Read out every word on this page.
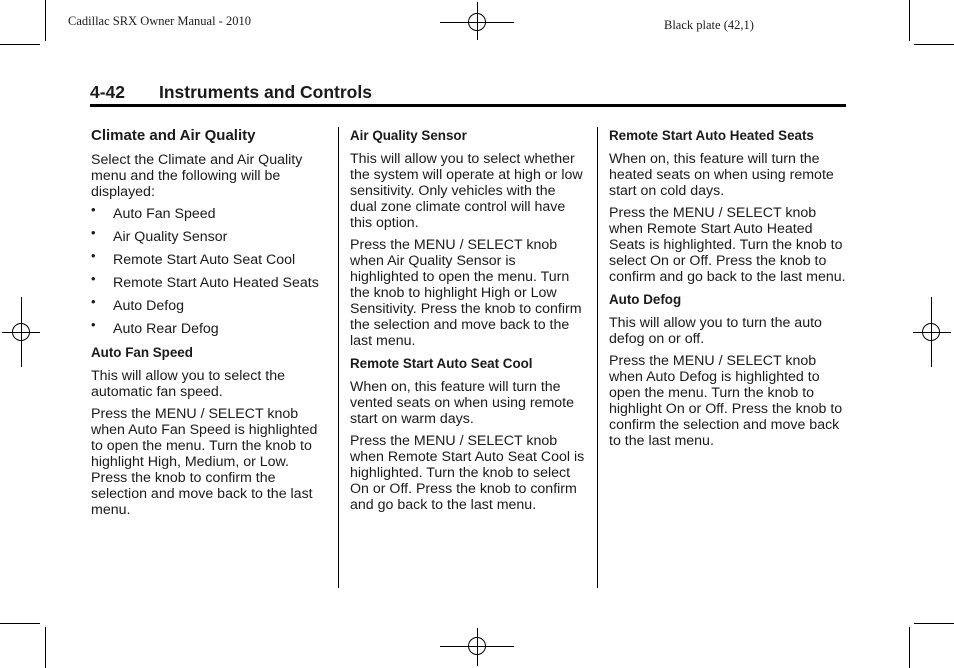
Cadillac SRX Owner Manual - 2010	Black plate (42,1)
4-42 Instruments and Controls
Climate and Air Quality

Select the Climate and Air Quality menu and the following will be displayed:

• Auto Fan Speed
• Air Quality Sensor
• Remote Start Auto Seat Cool
• Remote Start Auto Heated Seats
• Auto Defog
• Auto Rear Defog
Auto Fan Speed

This will allow you to select the automatic fan speed.

Press the MENU / SELECT knob when Auto Fan Speed is highlighted to open the menu. Turn the knob to highlight High, Medium, or Low. Press the knob to confirm the selection and move back to the last menu.

Air Quality Sensor

This will allow you to select whether the system will operate at high or low sensitivity. Only vehicles with the dual zone climate control will have this option.

Press the MENU / SELECT knob when Air Quality Sensor is highlighted to open the menu. Turn the knob to highlight High or Low Sensitivity. Press the knob to confirm the selection and move back to the last menu.

Remote Start Auto Seat Cool

When on, this feature will turn the vented seats on when using remote start on warm days.

Press the MENU / SELECT knob when Remote Start Auto Seat Cool is highlighted. Turn the knob to select On or Off. Press the knob to confirm and go back to the last menu.

Remote Start Auto Heated Seats

When on, this feature will turn the heated seats on when using remote start on cold days.

Press the MENU / SELECT knob when Remote Start Auto Heated Seats is highlighted. Turn the knob to select On or Off. Press the knob to confirm and go back to the last menu.

Auto Defog

This will allow you to turn the auto defog on or off.

Press the MENU / SELECT knob when Auto Defog is highlighted to open the menu. Turn the knob to highlight On or Off. Press the knob to confirm the selection and move back to the last menu.
